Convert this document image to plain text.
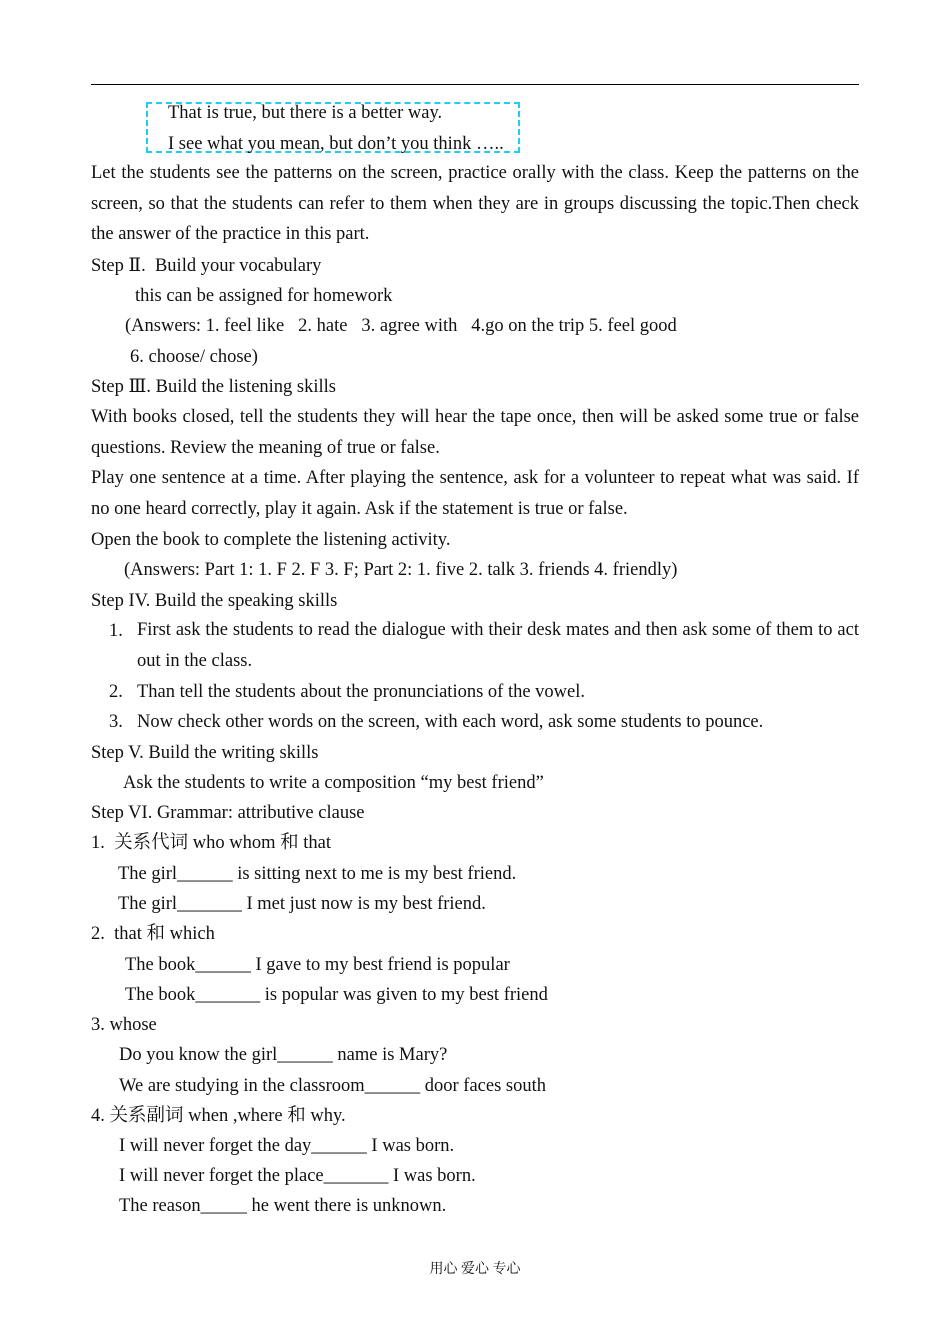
That is true, but there is a better way.
I see what you mean, but don’t you think …..
Let the students see the patterns on the screen, practice orally with the class. Keep the patterns on the screen, so that the students can refer to them when they are in groups discussing the topic.Then check the answer of the practice in this part.
Step Ⅱ.  Build your vocabulary
this can be assigned for homework
(Answers: 1. feel like   2. hate   3. agree with   4.go on the trip 5. feel good
6. choose/ chose)
Step Ⅲ. Build the listening skills
With books closed, tell the students they will hear the tape once, then will be asked some true or false questions. Review the meaning of true or false.
Play one sentence at a time. After playing the sentence, ask for a volunteer to repeat what was said. If no one heard correctly, play it again. Ask if the statement is true or false.
Open the book to complete the listening activity.
(Answers: Part 1: 1. F 2. F 3. F; Part 2: 1. five 2. talk 3. friends 4. friendly)
Step IV. Build the speaking skills
1. First ask the students to read the dialogue with their desk mates and then ask some of them to act out in the class.
2. Than tell the students about the pronunciations of the vowel.
3. Now check other words on the screen, with each word, ask some students to pounce.
Step V. Build the writing skills
Ask the students to write a composition “my best friend”
Step VI. Grammar: attributive clause
1.  关系代词 who whom 和 that
The girl______ is sitting next to me is my best friend.
The girl_______ I met just now is my best friend.
2.  that 和 which
The book______ I gave to my best friend is popular
The book_______ is popular was given to my best friend
3. whose
Do you know the girl______ name is Mary?
We are studying in the classroom______ door faces south
4. 关系副词 when ,where 和 why.
I will never forget the day______ I was born.
I will never forget the place_______ I was born.
The reason_____ he went there is unknown.
用心 爱心 专心
